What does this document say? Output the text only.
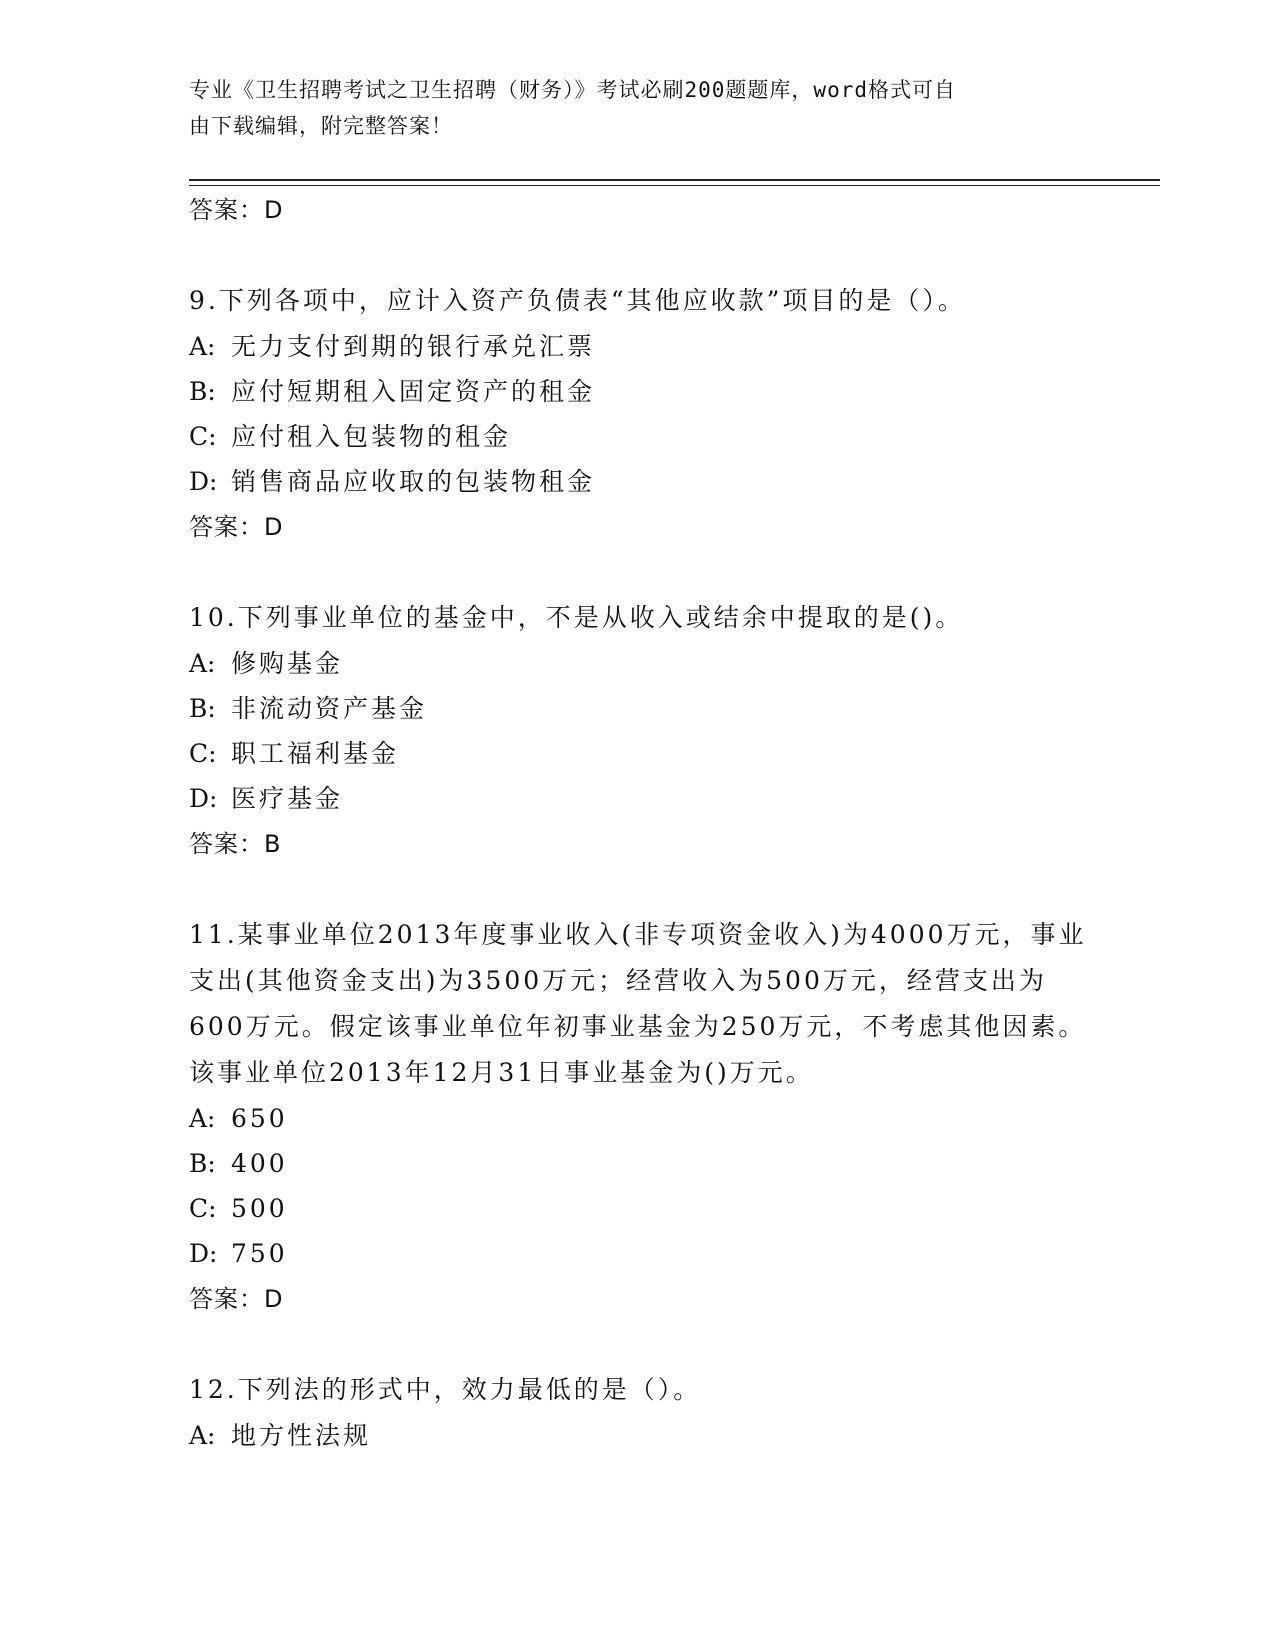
专业《卫生招聘考试之卫生招聘（财务）》考试必刷200题题库，word格式可自
由下载编辑，附完整答案！
答案：D
9.下列各项中，应计入资产负债表“其他应收款”项目的是（）。
A: 无力支付到期的银行承兑汇票
B: 应付短期租入固定资产的租金
C: 应付租入包装物的租金
D: 销售商品应收取的包装物租金
答案：D
10.下列事业单位的基金中，不是从收入或结余中提取的是()。
A: 修购基金
B: 非流动资产基金
C: 职工福利基金
D: 医疗基金
答案：B
11.某事业单位2013年度事业收入(非专项资金收入)为4000万元，事业支出(其他资金支出)为3500万元；经营收入为500万元，经营支出为600万元。假定该事业单位年初事业基金为250万元，不考虑其他因素。该事业单位2013年12月31日事业基金为()万元。
A: 650
B: 400
C: 500
D: 750
答案：D
12.下列法的形式中，效力最低的是（）。
A: 地方性法规
